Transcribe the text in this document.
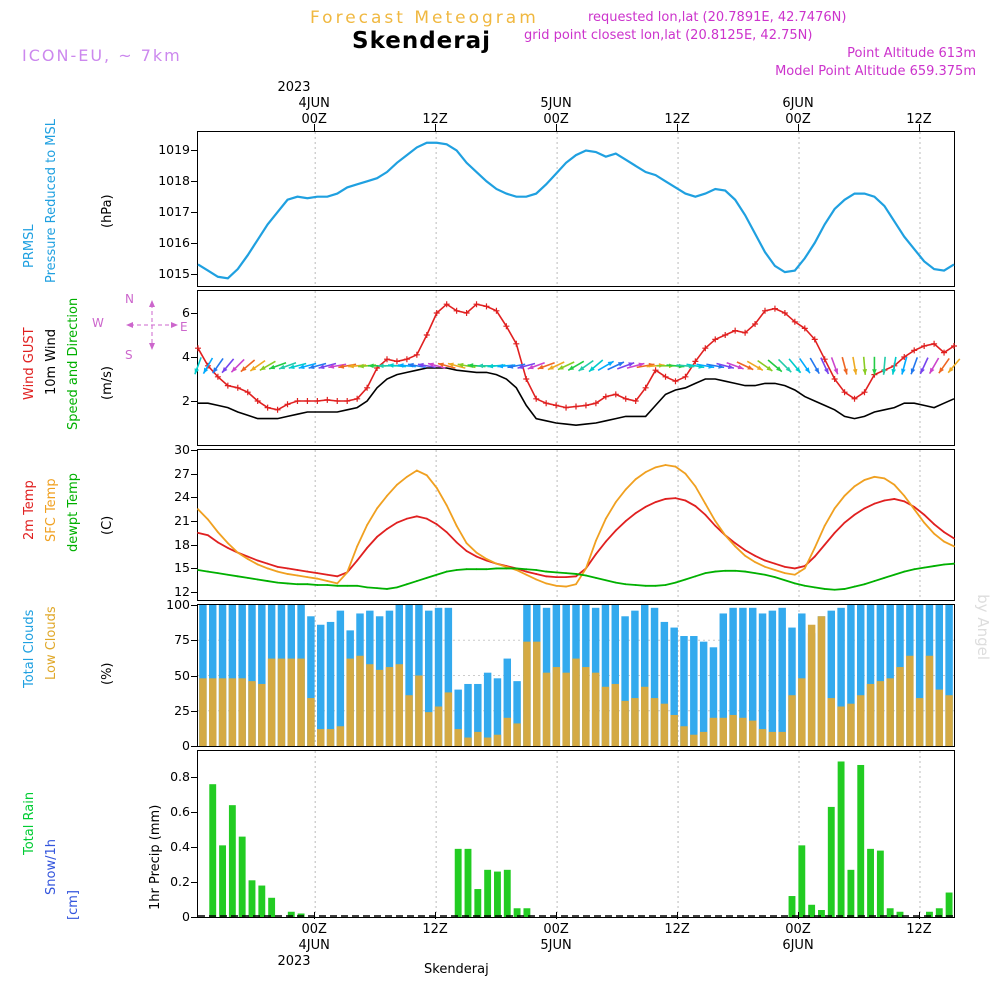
Forecast Meteogram
Skenderaj
requested lon,lat (20.7891E, 42.7476N)
grid point closest lon,lat (20.8125E, 42.75N)
Point Altitude 613m
Model Point Altitude 659.375m
ICON-EU, ~ 7km
by Angel
2023
4JUN
00Z	12Z
5JUN
00Z	12Z
6JUN
00Z	12Z
1015
1016
1017
1018
1019
PRMSL Pressure Reduced to MSL	(hPa)
2
4
6
Wind GUST 10m Wind Speed and Direction (m/s)
N
S
W	E
12
15
18
21
24
27
30
2m Temp SFC Temp dewpt Temp (C)
0
25
50
75
100
Total Clouds Low Clouds	(%)
0
0.2
0.4
0.6
0.8
Total Rain
Snow/1h
[cm]	1hr Precip (mm)
00Z
4JUN
12Z	00Z
5JUN
12Z	00Z
6JUN
12Z
2023
Skenderaj
